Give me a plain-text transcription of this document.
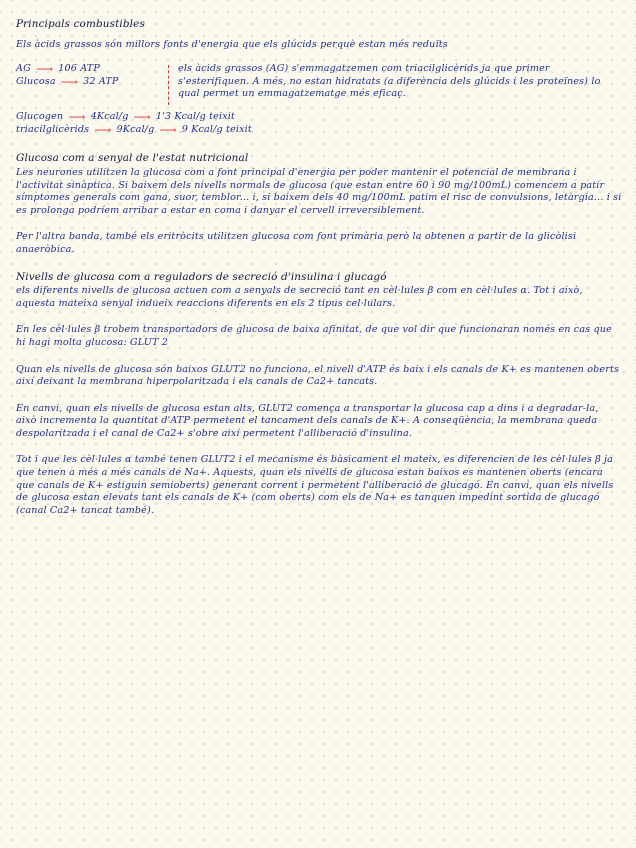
Principals combustibles
Els àcids grassos són millors fonts d'energia que els glúcids perquè estan més reduïts
AG ⟶ 106 ATP
Glucosa ⟶ 32 ATP
els àcids grassos (AG) s'emmagatzemen com triacilglicèrids ja que primer s'esterifiquen. A més, no estan hidratats (a diferència dels glúcids i les proteïnes) lo qual permet un emmagatzematge més eficaç.
Glucogen ⟶ 4Kcal/g ⟶ 1'3 Kcal/g teixit
triacilglicèrids ⟶ 9Kcal/g ⟶ 9 Kcal/g teixit
Glucosa com a senyal de l'estat nutricional
Les neurones utilitzen la glucosa com a font principal d'energia per poder mantenir el potencial de membrana i l'activitat sinàptica. Si baixem dels nivells normals de glucosa (que estan entre 60 i 90 mg/100mL) comencem a patir símptomes generals com gana, suor, temblor... i, si baixem dels 40 mg/100mL patim el risc de convulsions, letàrgia... i si es prolonga podríem arribar a estar en coma i danyar el cervell irreversiblement.
Per l'altra banda, també els eritròcits utilitzen glucosa com font primària però la obtenen a partir de la glicòlisi anaeròbica.
Nivells de glucosa com a reguladors de secreció d'insulina i glucagó
els diferents nivells de glucosa actuen com a senyals de secreció tant en cèl·lules β com en cèl·lules α. Tot i això, aquesta mateixa senyal indueix reaccions diferents en els 2 tipus cel·lulars.
En les cèl·lules β trobem transportadors de glucosa de baixa afinitat, de que vol dir que funcionaran només en cas que hi hagi molta glucosa: GLUT 2
Quan els nivells de glucosa són baixos GLUT2 no funciona, el nivell d'ATP és baix i els canals de K+ es mantenen oberts així deixant la membrana hiperpolaritzada i els canals de Ca2+ tancats.
En canvi, quan els nivells de glucosa estan alts, GLUT2 comença a transportar la glucosa cap a dins i a degradar-la, això incrementa la quantitat d'ATP permetent el tancament dels canals de K+. A conseqüència, la membrana queda despolaritzada i el canal de Ca2+ s'obre així permetent l'alliberació d'insulina.
Tot i que les cèl·lules α també tenen GLUT2 i el mecanisme és bàsicament el mateix, es diferencien de les cèl·lules β ja que tenen a més a més canals de Na+. Aquests, quan els nivells de glucosa estan baixos es mantenen oberts (encara que canals de K+ estiguin semioberts) generant corrent i permetent l'alliberació de glucagó. En canvi, quan els nivells de glucosa estan elevats tant els canals de K+ (com oberts) com els de Na+ es tanquen impedint sortida de glucagó (canal Ca2+ tancat també).
